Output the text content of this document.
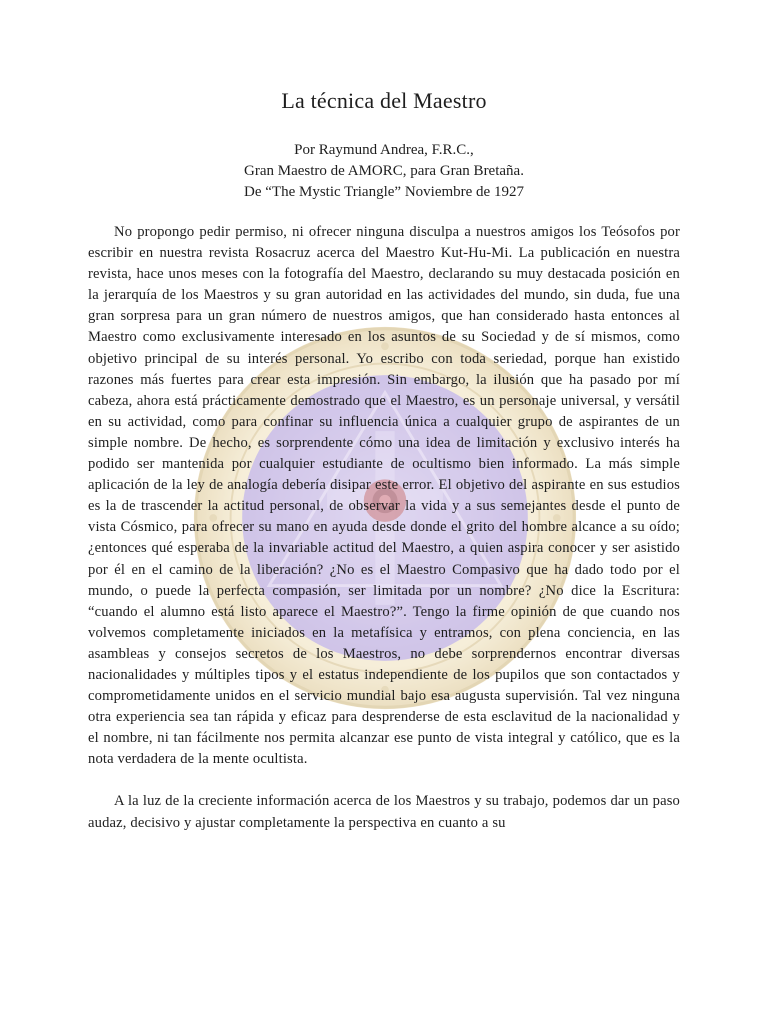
La técnica del Maestro
Por Raymund Andrea, F.R.C.,
Gran Maestro de AMORC, para Gran Bretaña.
De “The Mystic Triangle” Noviembre de 1927

No propongo pedir permiso, ni ofrecer ninguna disculpa a nuestros amigos los Teósofos por escribir en nuestra revista Rosacruz acerca del Maestro Kut-Hu-Mi. La publicación en nuestra revista, hace unos meses con la fotografía del Maestro, declarando su muy destacada posición en la jerarquía de los Maestros y su gran autoridad en las actividades del mundo, sin duda, fue una gran sorpresa para un gran número de nuestros amigos, que han considerado hasta entonces al Maestro como exclusivamente interesado en los asuntos de su Sociedad y de sí mismos, como objetivo principal de su interés personal. Yo escribo con toda seriedad, porque han existido razones más fuertes para crear esta impresión. Sin embargo, la ilusión que ha pasado por mí cabeza, ahora está prácticamente demostrado que el Maestro, es un personaje universal, y versátil en su actividad, como para confinar su influencia única a cualquier grupo de aspirantes de un simple nombre. De hecho, es sorprendente cómo una idea de limitación y exclusivo interés ha podido ser mantenida por cualquier estudiante de ocultismo bien informado. La más simple aplicación de la ley de analogía debería disipar este error. El objetivo del aspirante en sus estudios es la de trascender la actitud personal, de observar la vida y a sus semejantes desde el punto de vista Cósmico, para ofrecer su mano en ayuda desde donde el grito del hombre alcance a su oído; ¿entonces qué esperaba de la invariable actitud del Maestro, a quien aspira conocer y ser asistido por él en el camino de la liberación? ¿No es el Maestro Compasivo que ha dado todo por el mundo, o puede la perfecta compasión, ser limitada por un nombre? ¿No dice la Escritura: “cuando el alumno está listo aparece el Maestro?”. Tengo la firme opinión de que cuando nos volvemos completamente iniciados en la metafísica y entramos, con plena conciencia, en las asambleas y consejos secretos de los Maestros, no debe sorprendernos encontrar diversas nacionalidades y múltiples tipos y el estatus independiente de los pupilos que son contactados y comprometidamente unidos en el servicio mundial bajo esa augusta supervisión. Tal vez ninguna otra experiencia sea tan rápida y eficaz para desprenderse de esta esclavitud de la nacionalidad y el nombre, ni tan fácilmente nos permita alcanzar ese punto de vista integral y católico, que es la nota verdadera de la mente ocultista.

A la luz de la creciente información acerca de los Maestros y su trabajo, podemos dar un paso audaz, decisivo y ajustar completamente la perspectiva en cuanto a su
